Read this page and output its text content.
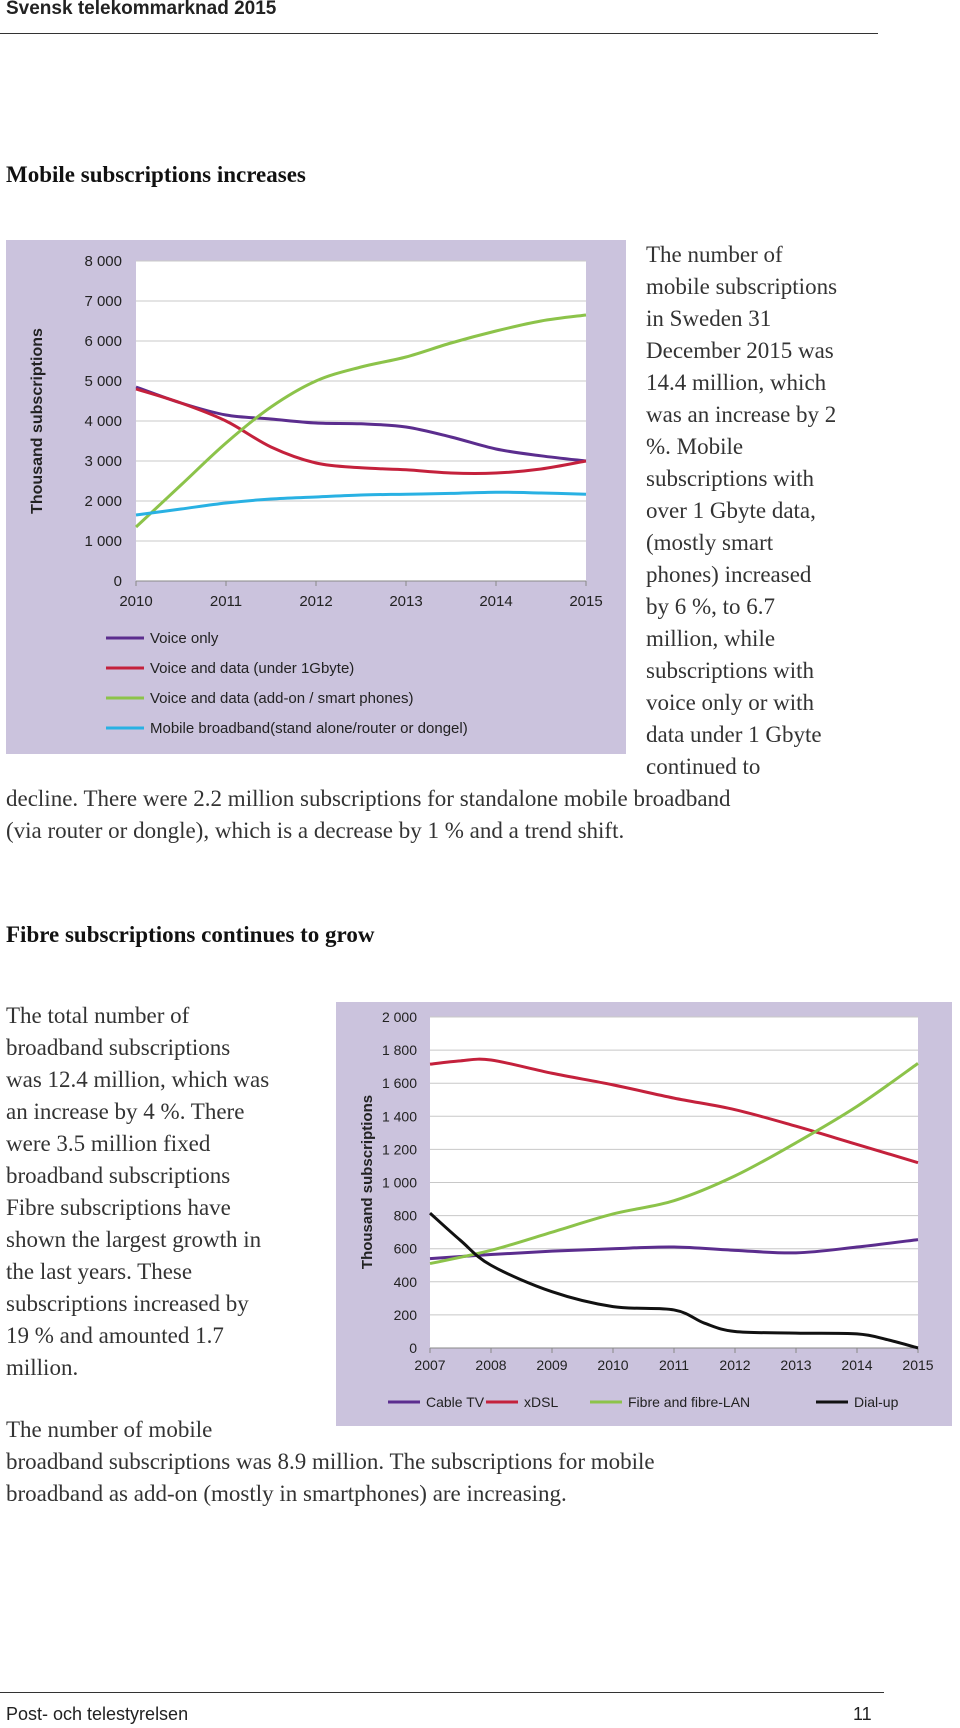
Svensk telekommarknad 2015
Mobile subscriptions increases
0
1 000
2 000
3 000
4 000
5 000
6 000
7 000
8 000
2010	2011	2012	2013	2014	2015
Thousand subscriptions
Voice only
Voice and data (under 1Gbyte)
Voice and data (add-on / smart phones)
Mobile broadband(stand alone/router or dongel)
The number of
mobile subscriptions
in Sweden 31
December 2015 was
14.4 million, which
was an increase by 2
%. Mobile
subscriptions with
over 1 Gbyte data,
(mostly smart
phones) increased
by 6 %, to 6.7
million, while
subscriptions with
voice only or with
data under 1 Gbyte
continued to
decline. There were 2.2 million subscriptions for standalone mobile broadband
(via router or dongle), which is a decrease by 1 % and a trend shift.
Fibre subscriptions continues to grow
0
200
400
600
800
1 000
1 200
1 400
1 600
1 800
2 000
2007 2008 2009 2010 2011 2012 2013 2014 2015
Thousand subscriptions
Cable TV	xDSL	Fibre and fibre-LAN	Dial-up
The total number of
broadband subscriptions
was 12.4 million, which was
an increase by 4 %. There
were 3.5 million fixed
broadband subscriptions
Fibre subscriptions have
shown the largest growth in
the last years. These
subscriptions increased by
19 % and amounted 1.7
million.
The number of mobile
broadband subscriptions was 8.9 million. The subscriptions for mobile
broadband as add-on (mostly in smartphones) are increasing.
Post- och telestyrelsen	11
